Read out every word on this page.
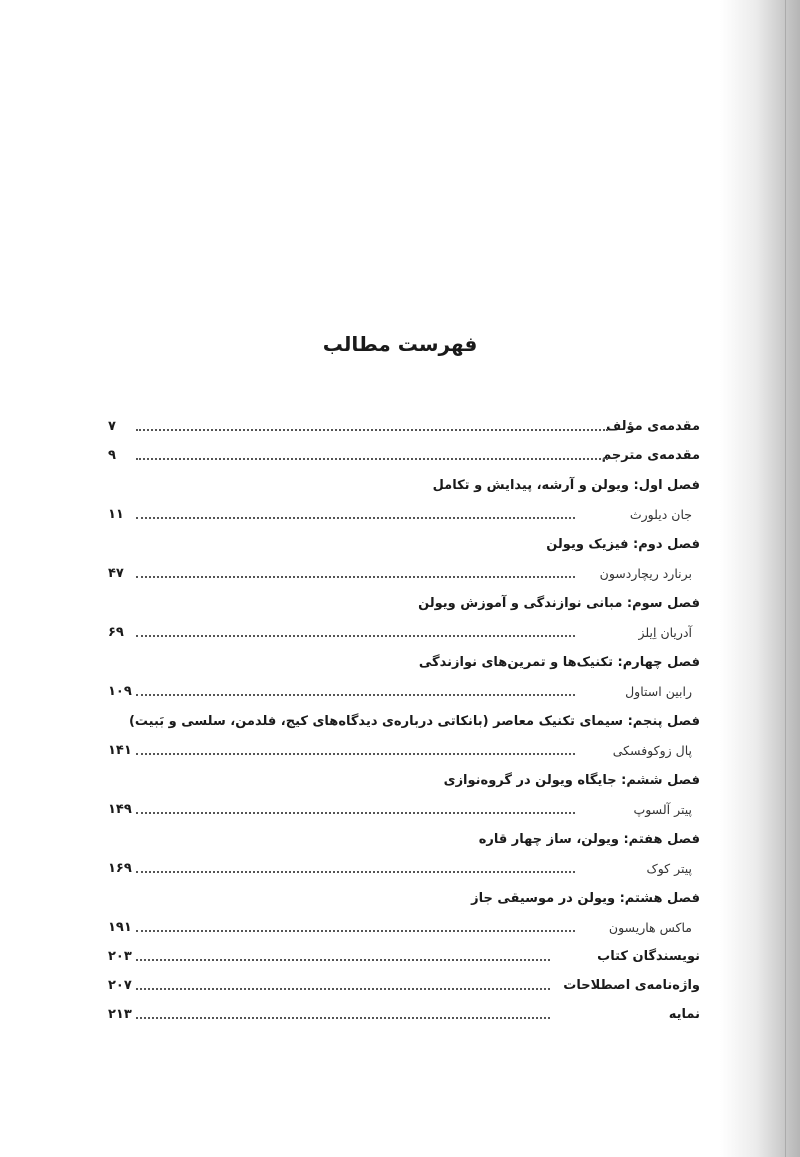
فهرست مطالب
مقدمه‌ی مؤلف
۷
مقدمه‌ی مترجم
۹
فصل اول: ویولن و آرشه، پیدایش و تکامل
جان دیلورث
۱۱
فصل دوم: فیزیک ویولن
برنارد ریچاردسون
۴۷
فصل سوم: مبانی نوازندگی و آموزش ویولن
آدریان اِیلز
۶۹
فصل چهارم: تکنیک‌ها و تمرین‌های نوازندگی
رابین استاول
۱۰۹
فصل پنجم: سیمای تکنیک معاصر (بانکاتی درباره‌ی دیدگاه‌های کیج، فلدمن، سلسی و بَبیت)
پال زوکوفسکی
۱۴۱
فصل ششم: جایگاه ویولن در گروه‌نوازی
پیتر آلسوپ
۱۴۹
فصل هفتم: ویولن، ساز چهار قاره
پیتر کوک
۱۶۹
فصل هشتم: ویولن در موسیقی جاز
ماکس هاریسون
۱۹۱
نویسندگان کتاب
۲۰۳
واژه‌نامه‌ی اصطلاحات
۲۰۷
نمایه
۲۱۳
